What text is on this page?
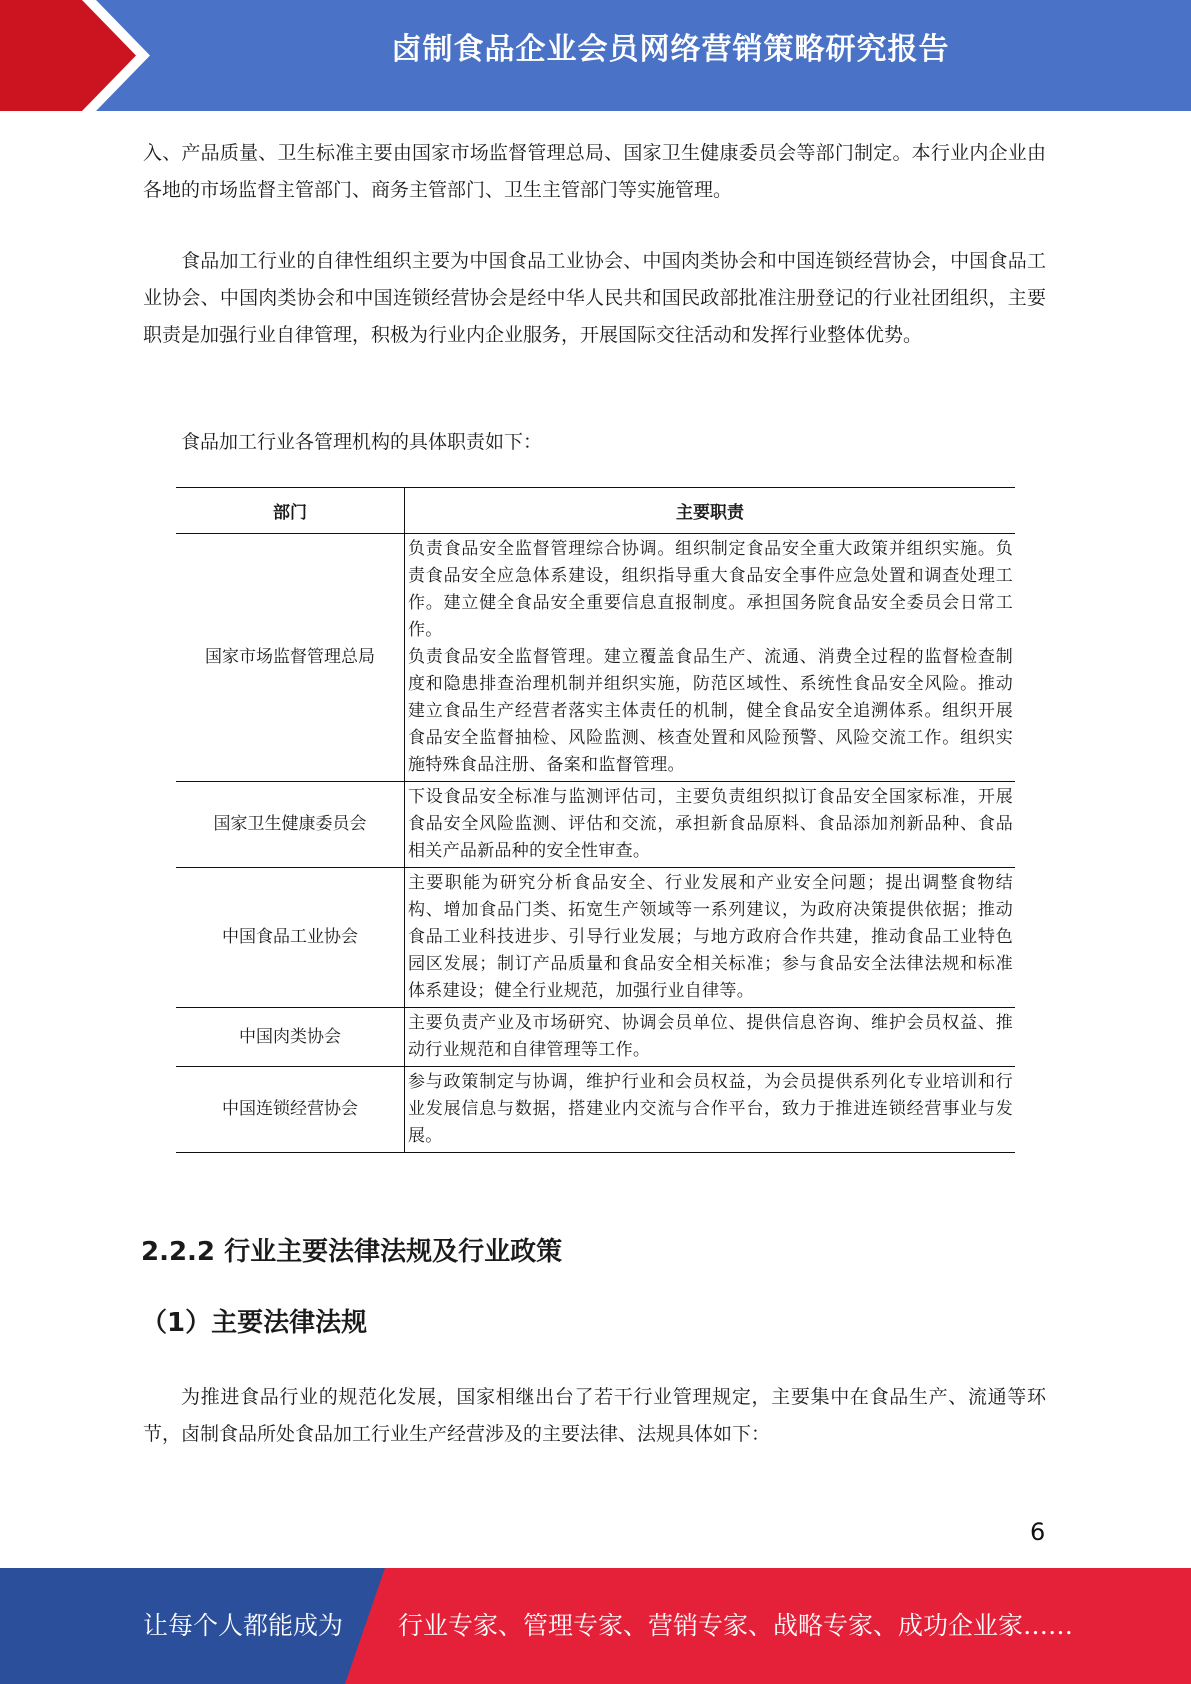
卤制食品企业会员网络营销策略研究报告
入、产品质量、卫生标准主要由国家市场监督管理总局、国家卫生健康委员会等部门制定。本行业内企业由各地的市场监督主管部门、商务主管部门、卫生主管部门等实施管理。
食品加工行业的自律性组织主要为中国食品工业协会、中国肉类协会和中国连锁经营协会，中国食品工业协会、中国肉类协会和中国连锁经营协会是经中华人民共和国民政部批准注册登记的行业社团组织，主要职责是加强行业自律管理，积极为行业内企业服务，开展国际交往活动和发挥行业整体优势。
食品加工行业各管理机构的具体职责如下：
部门	主要职责
国家市场监督管理总局	负责食品安全监督管理综合协调。组织制定食品安全重大政策并组织实施。负责食品安全应急体系建设，组织指导重大食品安全事件应急处置和调查处理工作。建立健全食品安全重要信息直报制度。承担国务院食品安全委员会日常工作。
负责食品安全监督管理。建立覆盖食品生产、流通、消费全过程的监督检查制度和隐患排查治理机制并组织实施，防范区域性、系统性食品安全风险。推动建立食品生产经营者落实主体责任的机制，健全食品安全追溯体系。组织开展食品安全监督抽检、风险监测、核查处置和风险预警、风险交流工作。组织实施特殊食品注册、备案和监督管理。

国家卫生健康委员会	下设食品安全标准与监测评估司，主要负责组织拟订食品安全国家标准，开展食品安全风险监测、评估和交流，承担新食品原料、食品添加剂新品种、食品相关产品新品种的安全性审查。
中国食品工业协会	主要职能为研究分析食品安全、行业发展和产业安全问题；提出调整食物结构、增加食品门类、拓宽生产领域等一系列建议，为政府决策提供依据；推动食品工业科技进步、引导行业发展；与地方政府合作共建，推动食品工业特色园区发展；制订产品质量和食品安全相关标准；参与食品安全法律法规和标准体系建设；健全行业规范，加强行业自律等。
中国肉类协会	主要负责产业及市场研究、协调会员单位、提供信息咨询、维护会员权益、推动行业规范和自律管理等工作。
中国连锁经营协会	参与政策制定与协调，维护行业和会员权益，为会员提供系列化专业培训和行业发展信息与数据，搭建业内交流与合作平台，致力于推进连锁经营事业与发展。
2.2.2 行业主要法律法规及行业政策
（1）主要法律法规
为推进食品行业的规范化发展，国家相继出台了若干行业管理规定，主要集中在食品生产、流通等环节，卤制食品所处食品加工行业生产经营涉及的主要法律、法规具体如下：
6
让每个人都能成为 行业专家、管理专家、营销专家、战略专家、成功企业家……
